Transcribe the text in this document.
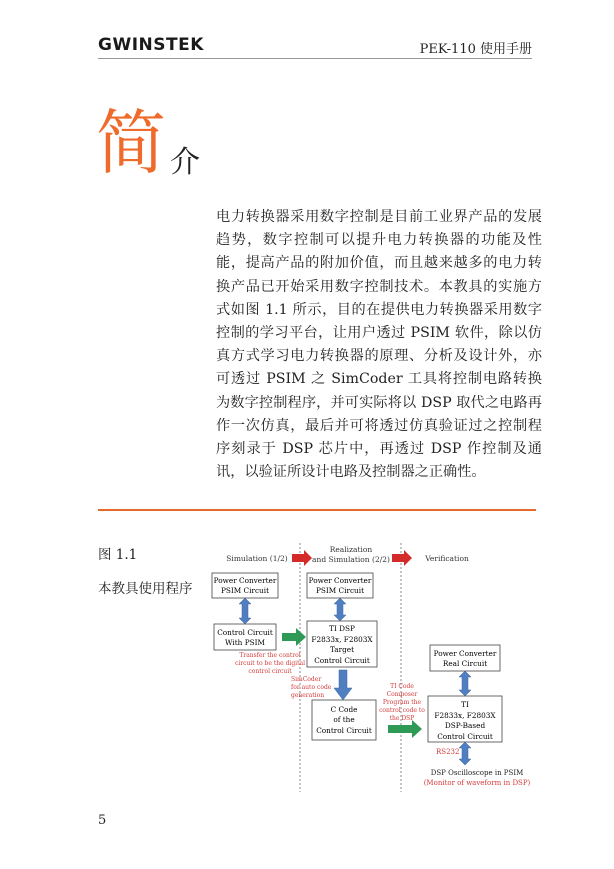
GWINSTEK	PEK-110 使用手册
简 介
电力转换器采用数字控制是目前工业界产品的发展趋势，数字控制可以提升电力转换器的功能及性能，提高产品的附加价值，而且越来越多的电力转换产品已开始采用数字控制技术。本教具的实施方式如图 1.1 所示，目的在提供电力转换器采用数字控制的学习平台，让用户透过 PSIM 软件，除以仿真方式学习电力转换器的原理、分析及设计外，亦可透过 PSIM 之 SimCoder 工具将控制电路转换为数字控制程序，并可实际将以 DSP 取代之电路再作一次仿真，最后并可将透过仿真验证过之控制程序刻录于 DSP 芯片中，再透过 DSP 作控制及通讯，以验证所设计电路及控制器之正确性。
图 1.1
本教具使用程序
Simulation (1/2)
Realization
and Simulation (2/2)	Verification
Power Converter
PSIM Circuit
Power Converter
PSIM Circuit
Control Circuit
With PSIM
TI DSP
F2833x, F2803X
Target
Control Circuit
C Code
of the
Control Circuit
Power Converter
Real Circuit
TI
F2833x, F2803X
DSP-Based
Control Circuit
Transfer the control
circuit to be the digital
control circuit
SimCoder
for auto code
generation
TI Code
Composer
Program the
control code to
the DSP
RS232
DSP Oscilloscope in PSIM
(Monitor of waveform in DSP)
5
